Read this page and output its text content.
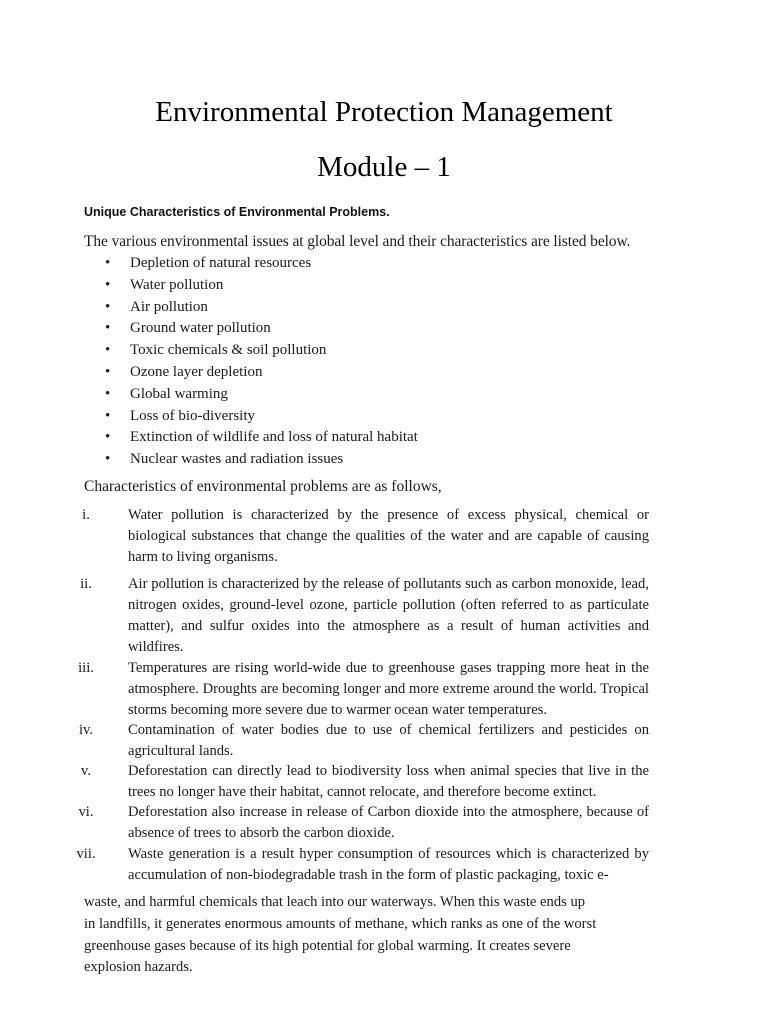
Environmental Protection Management
Module – 1
Unique Characteristics of Environmental Problems.
The various environmental issues at global level and their characteristics are listed below.
• Depletion of natural resources
• Water pollution
• Air pollution
• Ground water pollution
• Toxic chemicals & soil pollution
• Ozone layer depletion
• Global warming
• Loss of bio-diversity
• Extinction of wildlife and loss of natural habitat
• Nuclear wastes and radiation issues
Characteristics of environmental problems are as follows,
i.	Water pollution is characterized by the presence of excess physical, chemical or biological substances that change the qualities of the water and are capable of causing harm to living organisms.
ii.	Air pollution is characterized by the release of pollutants such as carbon monoxide, lead, nitrogen oxides, ground-level ozone, particle pollution (often referred to as particulate matter), and sulfur oxides into the atmosphere as a result of human activities and wildfires.
iii.	Temperatures are rising world-wide due to greenhouse gases trapping more heat in the atmosphere. Droughts are becoming longer and more extreme around the world. Tropical storms becoming more severe due to warmer ocean water temperatures.
iv.	Contamination of water bodies due to use of chemical fertilizers and pesticides on agricultural lands.
v.	Deforestation can directly lead to biodiversity loss when animal species that live in the trees no longer have their habitat, cannot relocate, and therefore become extinct.
vi.	Deforestation also increase in release of Carbon dioxide into the atmosphere, because of absence of trees to absorb the carbon dioxide.
vii.	Waste generation is a result hyper consumption of resources which is characterized by accumulation of non-biodegradable trash in the form of plastic packaging, toxic e-

waste, and harmful chemicals that leach into our waterways. When this waste ends up

in landfills, it generates enormous amounts of methane, which ranks as one of the worst

greenhouse gases because of its high potential for global warming. It creates severe

explosion hazards.
